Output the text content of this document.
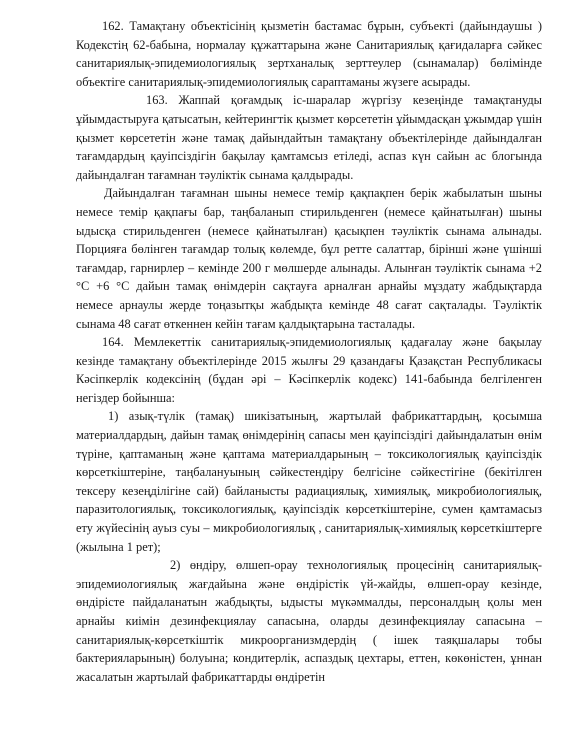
162. Тамақтану объектісінің қызметін бастамас бұрын, субъекті (дайындаушы ) Кодекстің 62-бабына, нормалау құжаттарына және Санитариялық қағидаларға сәйкес санитариялық-эпидемиологиялық зертханалық зерттеулер (сынамалар) бөлімінде объектіге санитариялық-эпидемиологиялық сараптаманы жүзеге асырады.

163. Жаппай қоғамдық іс-шаралар жүргізу кезеңінде тамақтануды ұйымдастыруға қатысатын, кейтерингтік қызмет көрсететін ұйымдасқан ұжымдар үшін қызмет көрсететін және тамақ дайындайтын тамақтану объектілерінде дайындалған тағамдардың қауіпсіздігін бақылау қамтамсыз етіледі, аспаз күн сайын ас блогында дайындалған тағамнан тәуліктік сынама қалдырады.

Дайындалған тағамнан шыны немесе темір қақпақпен берік жабылатын шыны немесе темір қақпағы бар, таңбаланып стирильденген (немесе қайнатылған) шыны ыдысқа стирильденген (немесе қайнатылған) қасықпен тәуліктік сынама алынады. Порцияға бөлінген тағамдар толық көлемде, бұл ретте салаттар, бірінші және үшінші тағамдар, гарнирлер – кемінде 200 г мөлшерде алынады. Алынған тәуліктік сынама +2 °С +6 °С дайын тамақ өнімдерін сақтауға арналған арнайы мұздату жабдықтарда немесе арнаулы жерде тоңазытқы жабдықта кемінде 48 сағат сақталады. Тәуліктік сынама 48 сағат өткеннен кейін тағам қалдықтарына тасталады.

164. Мемлекеттік санитариялық-эпидемиологиялық қадағалау және бақылау кезінде тамақтану объектілерінде 2015 жылғы 29 қазандағы Қазақстан Республикасы Кәсіпкерлік кодексінің (бұдан әрі – Кәсіпкерлік кодекс) 141-бабында белгіленген негіздер бойынша:

1) азық-түлік (тамақ) шикізатының, жартылай фабрикаттардың, қосымша материалдардың, дайын тамақ өнімдерінің сапасы мен қауіпсіздігі дайындалатын өнім түріне, қаптаманың және қаптама материалдарының – токсикологиялық қауіпсіздік көрсеткіштеріне, таңбалануының сәйкестендіру белгісіне сәйкестігіне (бекітілген тексеру кезеңділігіне сай) байланысты радиациялық, химиялық, микробиологиялық, паразитологиялық, токсикологиялық, қауіпсіздік көрсеткіштеріне, сумен қамтамасыз ету жүйесінің ауыз суы – микробиологиялық , санитариялық-химиялық көрсеткіштерге (жылына 1 рет);

2) өндіру, өлшеп-орау технологиялық процесінің санитариялық-эпидемиологиялық жағдайына және өндірістік үй-жайды, өлшеп-орау кезінде, өндірісте пайдаланатын жабдықты, ыдысты мүкәммалды, персоналдың қолы мен арнайы киімін дезинфекциялау сапасына, оларды дезинфекциялау сапасына – санитариялық-көрсеткіштік микроорганизмдердің ( ішек таяқшалары тобы бактерияларының) болуына; кондитерлік, аспаздық цехтары, еттен, көкөністен, ұннан жасалатын жартылай фабрикаттарды өндіретін
